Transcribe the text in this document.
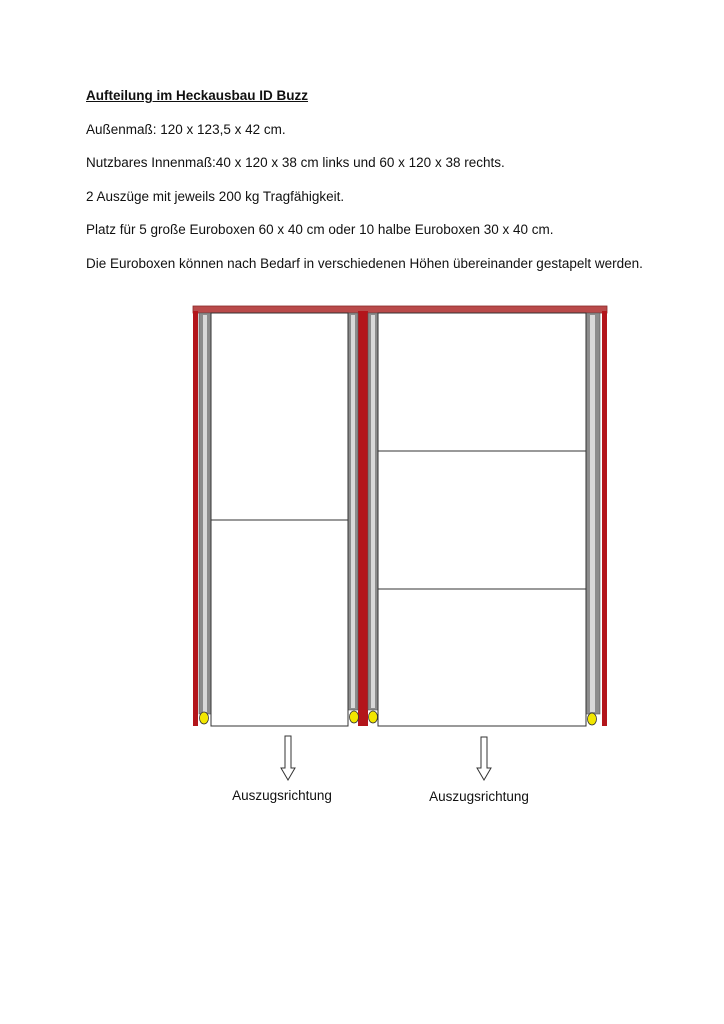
Aufteilung im Heckausbau ID Buzz

Außenmaß: 120 x 123,5 x 42 cm.

Nutzbares Innenmaß:40 x 120 x 38 cm links und 60 x 120 x 38 rechts.

2 Auszüge mit jeweils 200 kg Tragfähigkeit.

Platz für 5 große Euroboxen 60 x 40 cm oder 10 halbe Euroboxen 30 x 40 cm.

Die Euroboxen können nach Bedarf in verschiedenen Höhen übereinander gestapelt werden.

Auszugsrichtung	Auszugsrichtung
